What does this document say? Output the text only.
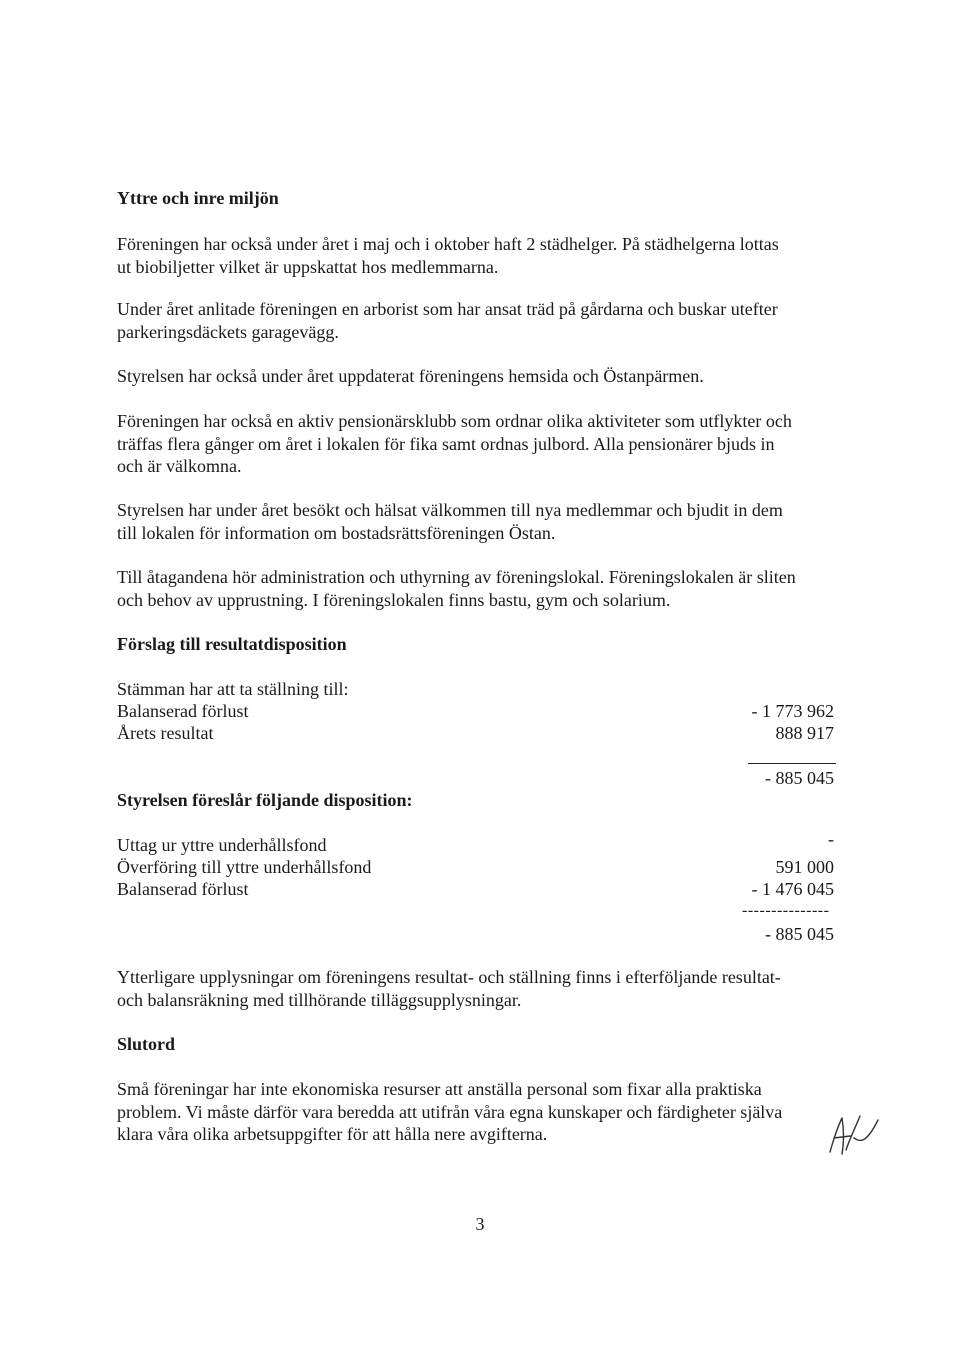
Yttre och inre miljön

Föreningen har också under året i maj och i oktober haft 2 städhelger. På städhelgerna lottas
ut biobiljetter vilket är uppskattat hos medlemmarna.

Under året anlitade föreningen en arborist som har ansat träd på gårdarna och buskar utefter
parkeringsdäckets garagevägg.

Styrelsen har också under året uppdaterat föreningens hemsida och Östanpärmen.

Föreningen har också en aktiv pensionärsklubb som ordnar olika aktiviteter som utflykter och
träffas flera gånger om året i lokalen för fika samt ordnas julbord. Alla pensionärer bjuds in
och är välkomna.

Styrelsen har under året besökt och hälsat välkommen till nya medlemmar och bjudit in dem
till lokalen för information om bostadsrättsföreningen Östan.

Till åtagandena hör administration och uthyrning av föreningslokal. Föreningslokalen är sliten
och behov av upprustning. I föreningslokalen finns bastu, gym och solarium.

Förslag till resultatdisposition
Stämman har att ta ställning till:
Balanserad förlust	- 1 773 962
Årets resultat	888 917
- 885 045
Styrelsen föreslår följande disposition:
Uttag ur yttre underhållsfond	-
Överföring till yttre underhållsfond	591 000
Balanserad förlust	- 1 476 045
---------------
- 885 045

Ytterligare upplysningar om föreningens resultat- och ställning finns i efterföljande resultat-
och balansräkning med tillhörande tilläggsupplysningar.

Slutord

Små föreningar har inte ekonomiska resurser att anställa personal som fixar alla praktiska
problem. Vi måste därför vara beredda att utifrån våra egna kunskaper och färdigheter själva
klara våra olika arbetsuppgifter för att hålla nere avgifterna.

3
